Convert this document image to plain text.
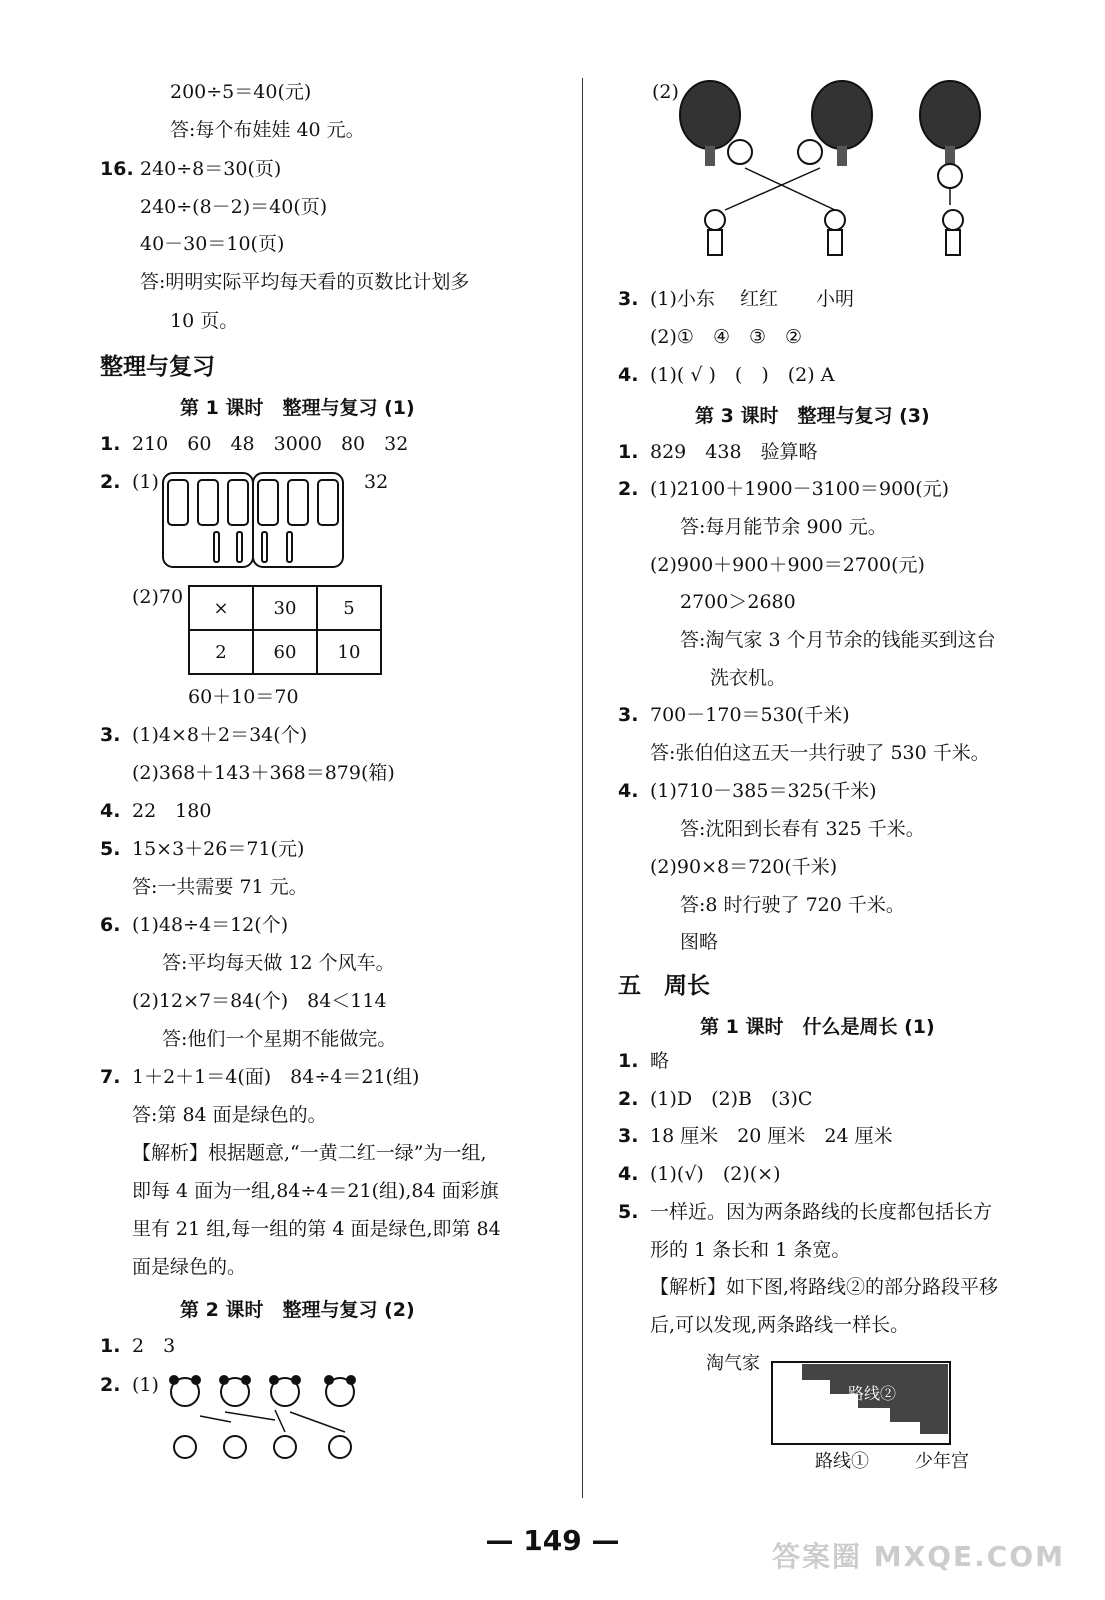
200÷5＝40(元)
答:每个布娃娃 40 元。
16. 240÷8＝30(页)
240÷(8－2)＝40(页)
40－30＝10(页)
答:明明实际平均每天看的页数比计划多
10 页。
整理与复习
第 1 课时　整理与复习 (1)
1. 210　60　48　3000　80　32
2. (1)	32
(2)70 ×	30	5
2	60	10
60＋10＝70
3. (1)4×8＋2＝34(个)
(2)368＋143＋368＝879(箱)
4. 22　180
5. 15×3＋26＝71(元)
答:一共需要 71 元。
6. (1)48÷4＝12(个)
答:平均每天做 12 个风车。
(2)12×7＝84(个)　84＜114
答:他们一个星期不能做完。
7. 1＋2＋1＝4(面)　84÷4＝21(组)
答:第 84 面是绿色的。
【解析】根据题意,“一黄二红一绿”为一组,
即每 4 面为一组,84÷4＝21(组),84 面彩旗
里有 21 组,每一组的第 4 面是绿色,即第 84
面是绿色的。
第 2 课时　整理与复习 (2)
1. 2　3
2. (1)
(2)
3. (1)小东　 红红　　小明
(2)①　④　③　②
4. (1)( √ )　(　)　(2) A
第 3 课时　整理与复习 (3)
1. 829　438　验算略
2. (1)2100＋1900－3100＝900(元)
答:每月能节余 900 元。
(2)900＋900＋900＝2700(元)
2700＞2680
答:淘气家 3 个月节余的钱能买到这台
洗衣机。
3. 700－170＝530(千米)
答:张伯伯这五天一共行驶了 530 千米。
4. (1)710－385＝325(千米)
答:沈阳到长春有 325 千米。
(2)90×8＝720(千米)
答:8 时行驶了 720 千米。
图略
五　周长
第 1 课时　什么是周长 (1)
1. 略
2. (1)D　(2)B　(3)C
3. 18 厘米　20 厘米　24 厘米
4. (1)(√)　(2)(×)
5. 一样近。因为两条路线的长度都包括长方
形的 1 条长和 1 条宽。
【解析】如下图,将路线②的部分路段平移
后,可以发现,两条路线一样长。
淘气家
路线②
路线①	少年宫
— 149 —	答案圈 MXQE.COM
